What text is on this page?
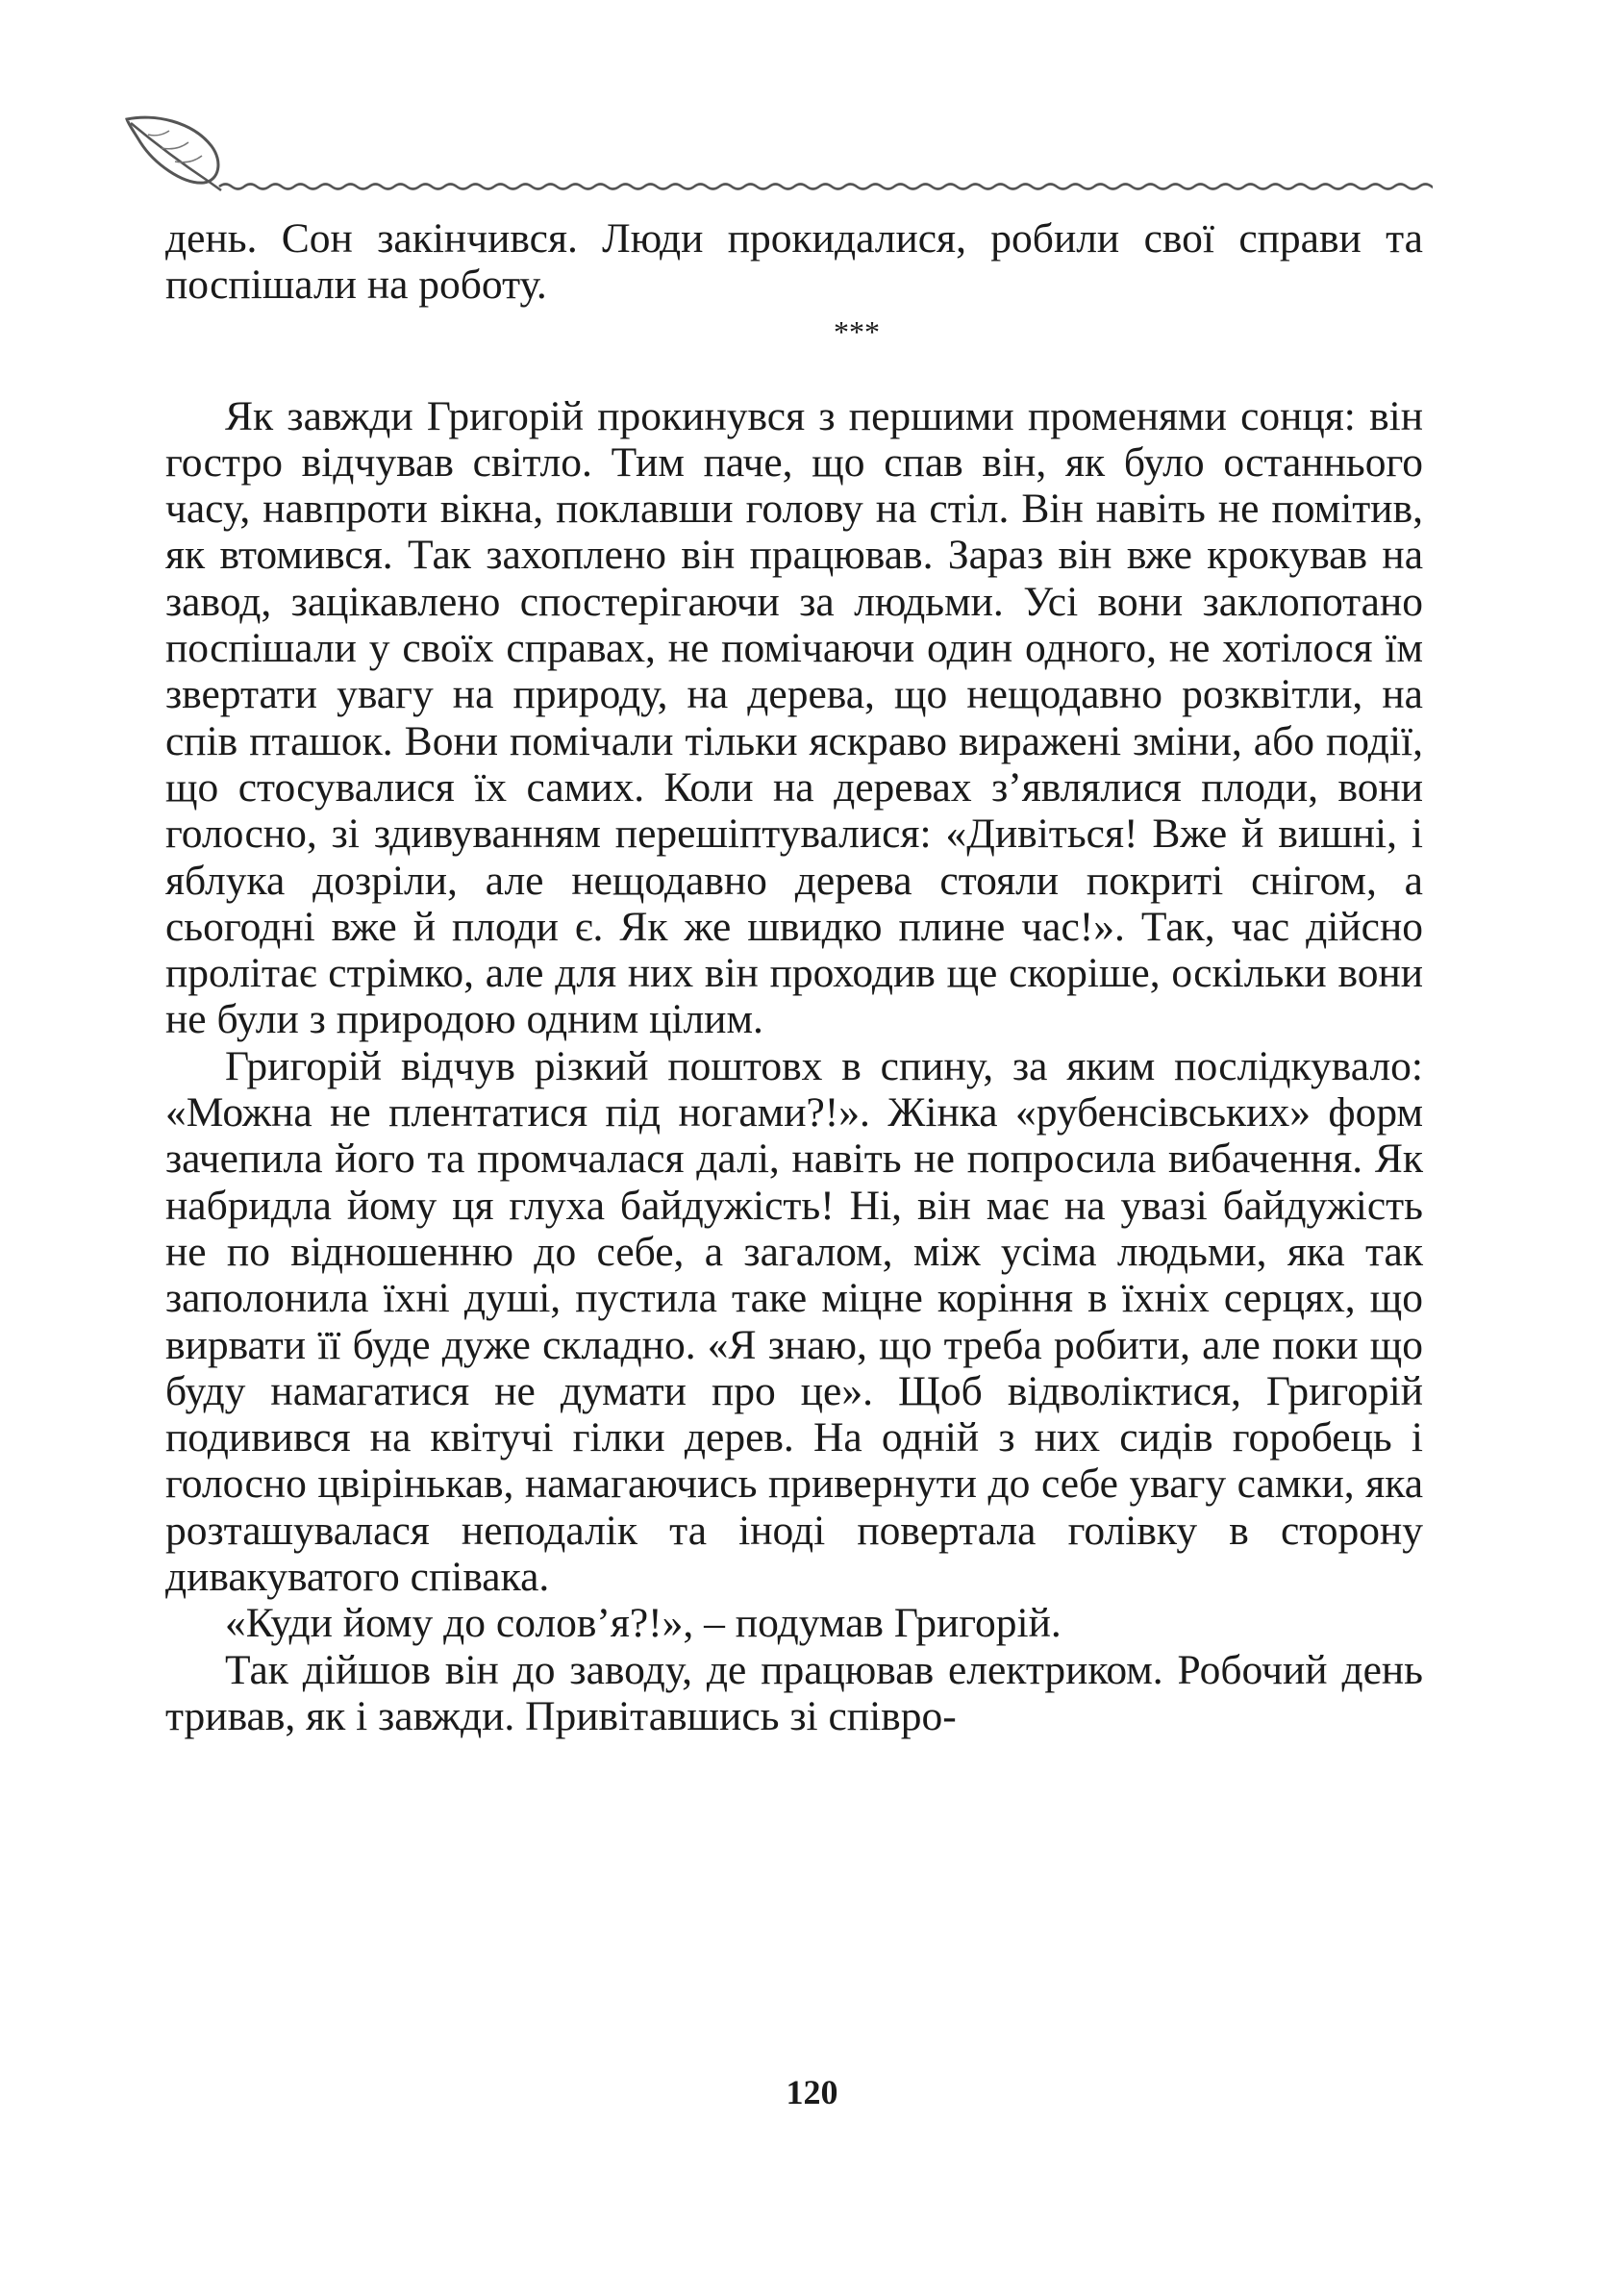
день. Сон закінчився. Люди прокидалися, робили свої справи та поспішали на роботу.

***

Як завжди Григорій прокинувся з першими променями сонця: він гостро відчував світло. Тим паче, що спав він, як було останнього часу, навпроти вікна, поклавши голову на стіл. Він навіть не помітив, як втомився. Так захоплено він працював. Зараз він вже крокував на завод, зацікавлено спостерігаючи за людьми. Усі вони заклопотано поспішали у своїх справах, не помічаючи один одного, не хотілося їм звертати увагу на природу, на дерева, що нещодавно розквітли, на спів пташок. Вони помічали тільки яскраво виражені зміни, або події, що стосувалися їх самих. Коли на деревах з’являлися плоди, вони голосно, зі здивуванням перешіптувалися: «Дивіться! Вже й вишні, і яблука дозріли, але нещодавно дерева стояли покриті снігом, а сьогодні вже й плоди є. Як же швидко плине час!». Так, час дійсно пролітає стрімко, але для них він проходив ще скоріше, оскільки вони не були з природою одним цілим.

Григорій відчув різкий поштовх в спину, за яким послідкувало: «Можна не плентатися під ногами?!». Жінка «рубенсівських» форм зачепила його та промчалася далі, навіть не попросила вибачення. Як набридла йому ця глуха байдужість! Ні, він має на увазі байдужість не по відношенню до себе, а загалом, між усіма людьми, яка так заполонила їхні душі, пустила таке міцне коріння в їхніх серцях, що вирвати її буде дуже складно. «Я знаю, що треба робити, але поки що буду намагатися не думати про це». Щоб відволіктися, Григорій подивився на квітучі гілки дерев. На одній з них сидів горобець і голосно цвірінькав, намагаючись привернути до себе увагу самки, яка розташувалася неподалік та іноді повертала голівку в сторону дивакуватого співака.

«Куди йому до солов’я?!», – подумав Григорій.

Так дійшов він до заводу, де працював електриком. Робочий день тривав, як і завжди. Привітавшись зі співро-

120
